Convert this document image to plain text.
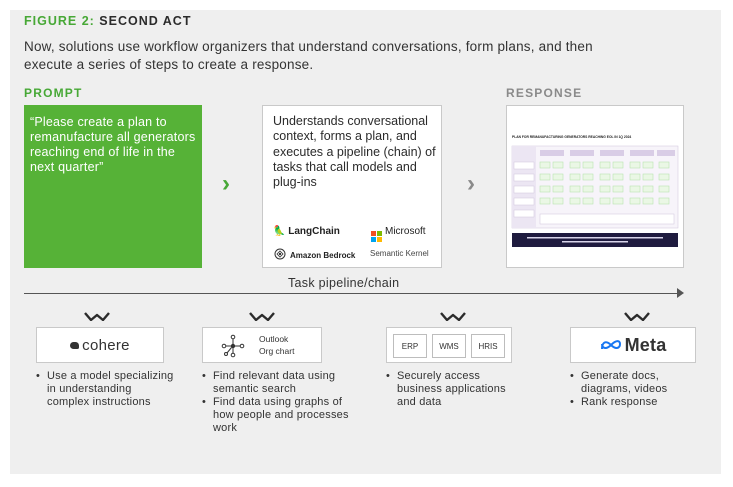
FIGURE 2: SECOND ACT
Now, solutions use workflow organizers that understand conversations, form plans, and then execute a series of steps to create a response.
PROMPT	RESPONSE
“Please create a plan to remanufacture all generators reaching end of life in the next quarter”
›
Understands conversational context, forms a plan, and executes a pipeline (chain) of tasks that call models and plug-ins
🦜 LangChain	Microsoft
Amazon Bedrock Semantic Kernel
›
PLAN FOR REMANUFACTURING GENERATORS REACHING EOL IN 1Q 2024
Task pipeline/chain
cohere
• Use a model specializing in understanding complex instructions
Outlook
Org chart
• Find relevant data using semantic search
• Find data using graphs of how people and processes work
ERP	WMS	HRIS
• Securely access business applications and data
Meta
• Generate docs, diagrams, videos
• Rank response
